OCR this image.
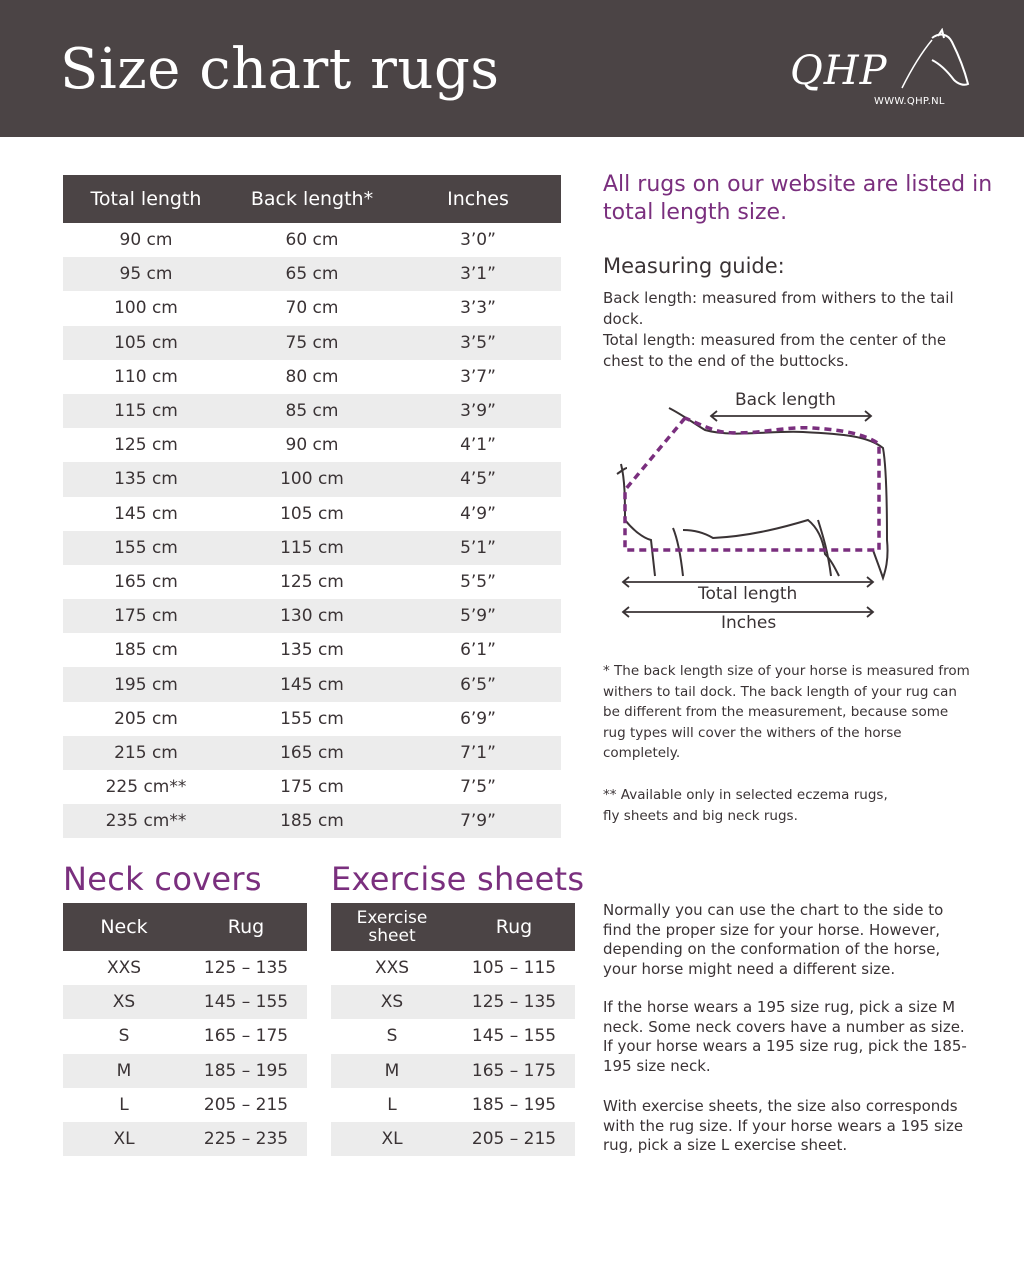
Size chart rugs	QHP
WWW.QHP.NL
Total length	Back length*	Inches
90 cm	60 cm	3’0”
95 cm	65 cm	3’1”
100 cm	70 cm	3’3”
105 cm	75 cm	3’5”
110 cm	80 cm	3’7”
115 cm	85 cm	3’9”
125 cm	90 cm	4’1”
135 cm	100 cm	4’5”
145 cm	105 cm	4’9”
155 cm	115 cm	5’1”
165 cm	125 cm	5’5”
175 cm	130 cm	5’9”
185 cm	135 cm	6’1”
195 cm	145 cm	6’5”
205 cm	155 cm	6’9”
215 cm	165 cm	7’1”
225 cm**	175 cm	7’5”
235 cm**	185 cm	7’9”
All rugs on our website are listed in total length size.
Measuring guide:
Back length: measured from withers to the tail dock.
Total length: measured from the center of the chest to the end of the buttocks.
Back length
Total length
Inches
* The back length size of your horse is measured from withers to tail dock. The back length of your rug can be different from the measurement, because some rug types will cover the withers of the horse completely.
** Available only in selected eczema rugs, fly sheets and big neck rugs.
Neck covers Exercise sheets
Neck	Rug
XXS	125 – 135
XS	145 – 155
S	165 – 175
M	185 – 195
L	205 – 215
XL	225 – 235
Exercise sheet	Rug
XXS	105 – 115
XS	125 – 135
S	145 – 155
M	165 – 175
L	185 – 195
XL	205 – 215
Normally you can use the chart to the side to find the proper size for your horse. However, depending on the conformation of the horse, your horse might need a different size.
If the horse wears a 195 size rug, pick a size M neck. Some neck covers have a number as size. If your horse wears a 195 size rug, pick the 185-195 size neck.
With exercise sheets, the size also corresponds with the rug size. If your horse wears a 195 size rug, pick a size L exercise sheet.
